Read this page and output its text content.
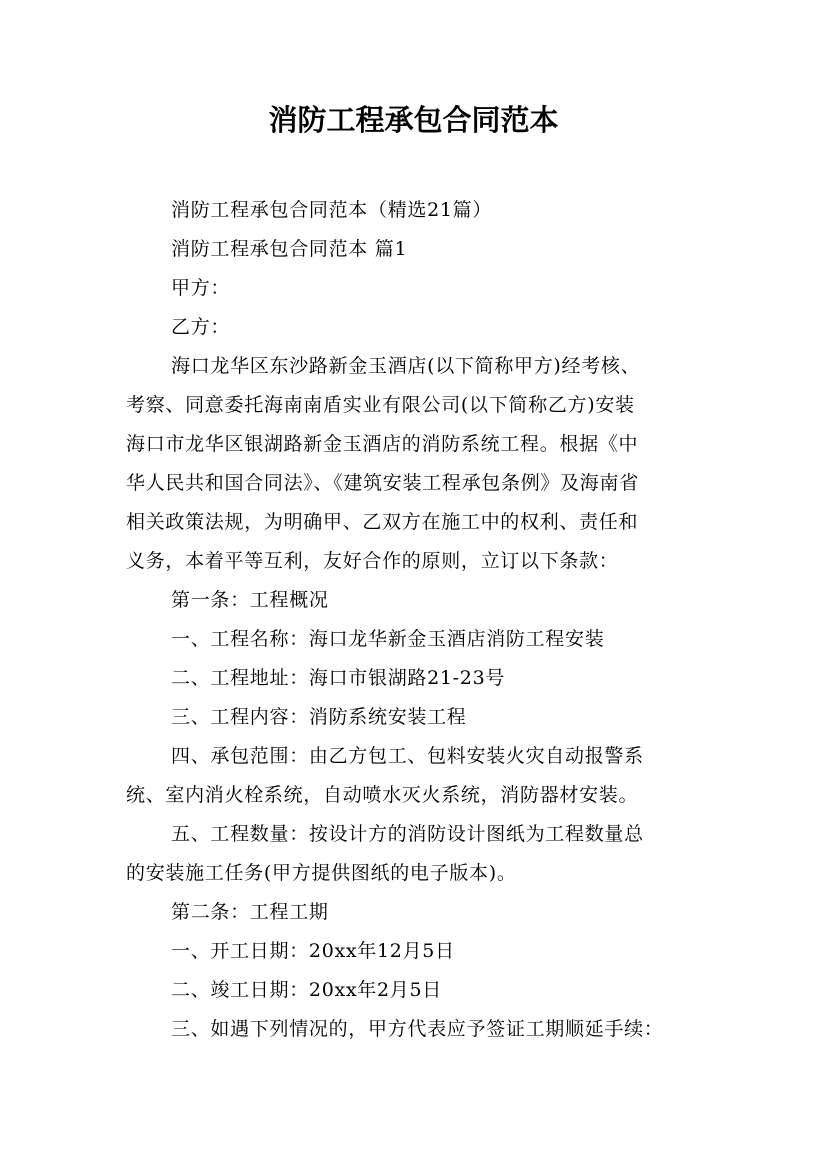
消防工程承包合同范本

消防工程承包合同范本（精选21篇）

消防工程承包合同范本 篇1

甲方：

乙方：

海口龙华区东沙路新金玉酒店(以下简称甲方)经考核、
考察、同意委托海南南盾实业有限公司(以下简称乙方)安装
海口市龙华区银湖路新金玉酒店的消防系统工程。根据《中
华人民共和国合同法》、《建筑安装工程承包条例》及海南省
相关政策法规，为明确甲、乙双方在施工中的权利、责任和
义务，本着平等互利，友好合作的原则，立订以下条款：

第一条：工程概况

一、工程名称：海口龙华新金玉酒店消防工程安装

二、工程地址：海口市银湖路21-23号

三、工程内容：消防系统安装工程

四、承包范围：由乙方包工、包料安装火灾自动报警系
统、室内消火栓系统，自动喷水灭火系统，消防器材安装。

五、工程数量：按设计方的消防设计图纸为工程数量总
的安装施工任务(甲方提供图纸的电子版本)。

第二条：工程工期

一、开工日期：20xx年12月5日

二、竣工日期：20xx年2月5日

三、如遇下列情况的，甲方代表应予签证工期顺延手续：
